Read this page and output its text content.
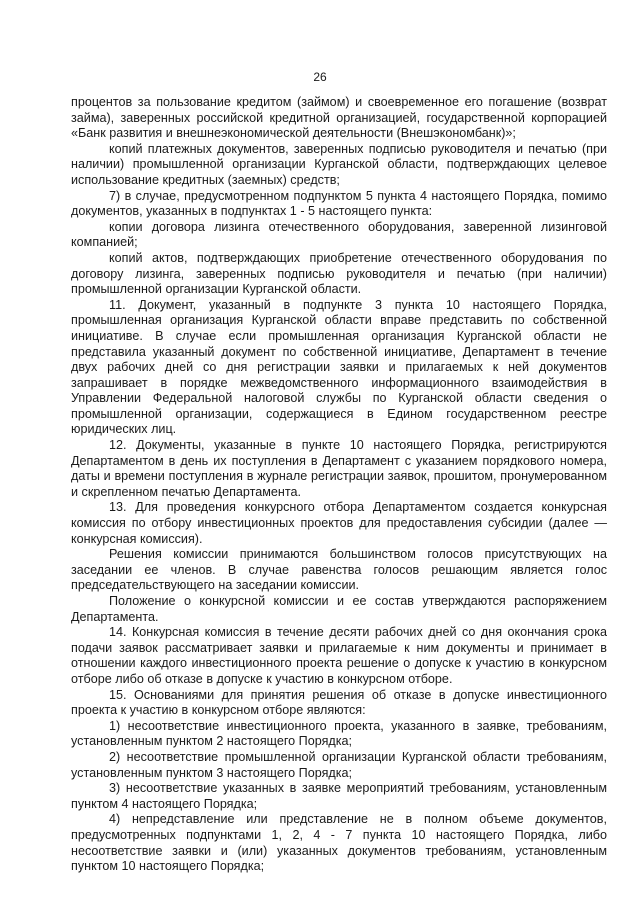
26

процентов за пользование кредитом (займом) и своевременное его погашение (возврат займа), заверенных российской кредитной организацией, государственной корпорацией «Банк развития и внешнеэкономической деятельности (Внешэкономбанк)»;

копий платежных документов, заверенных подписью руководителя и печатью (при наличии) промышленной организации Курганской области, подтверждающих целевое использование кредитных (заемных) средств;

7) в случае, предусмотренном подпунктом 5 пункта 4 настоящего Порядка, помимо документов, указанных в подпунктах 1 - 5 настоящего пункта:

копии договора лизинга отечественного оборудования, заверенной лизинговой компанией;

копий актов, подтверждающих приобретение отечественного оборудования по договору лизинга, заверенных подписью руководителя и печатью (при наличии) промышленной организации Курганской области.

11. Документ, указанный в подпункте 3 пункта 10 настоящего Порядка, промышленная организация Курганской области вправе представить по собственной инициативе. В случае если промышленная организация Курганской области не представила указанный документ по собственной инициативе, Департамент в течение двух рабочих дней со дня регистрации заявки и прилагаемых к ней документов запрашивает в порядке межведомственного информационного взаимодействия в Управлении Федеральной налоговой службы по Курганской области сведения о промышленной организации, содержащиеся в Едином государственном реестре юридических лиц.

12. Документы, указанные в пункте 10 настоящего Порядка, регистрируются Департаментом в день их поступления в Департамент с указанием порядкового номера, даты и времени поступления в журнале регистрации заявок, прошитом, пронумерованном и скрепленном печатью Департамента.

13. Для проведения конкурсного отбора Департаментом создается конкурсная комиссия по отбору инвестиционных проектов для предоставления субсидии (далее — конкурсная комиссия).

Решения комиссии принимаются большинством голосов присутствующих на заседании ее членов. В случае равенства голосов решающим является голос председательствующего на заседании комиссии.

Положение о конкурсной комиссии и ее состав утверждаются распоряжением Департамента.

14. Конкурсная комиссия в течение десяти рабочих дней со дня окончания срока подачи заявок рассматривает заявки и прилагаемые к ним документы и принимает в отношении каждого инвестиционного проекта решение о допуске к участию в конкурсном отборе либо об отказе в допуске к участию в конкурсном отборе.

15. Основаниями для принятия решения об отказе в допуске инвестиционного проекта к участию в конкурсном отборе являются:

1) несоответствие инвестиционного проекта, указанного в заявке, требованиям, установленным пунктом 2 настоящего Порядка;

2) несоответствие промышленной организации Курганской области требованиям, установленным пунктом 3 настоящего Порядка;

3) несоответствие указанных в заявке мероприятий требованиям, установленным пунктом 4 настоящего Порядка;

4) непредставление или представление не в полном объеме документов, предусмотренных подпунктами 1, 2, 4 - 7 пункта 10 настоящего Порядка, либо несоответствие заявки и (или) указанных документов требованиям, установленным пунктом 10 настоящего Порядка;
